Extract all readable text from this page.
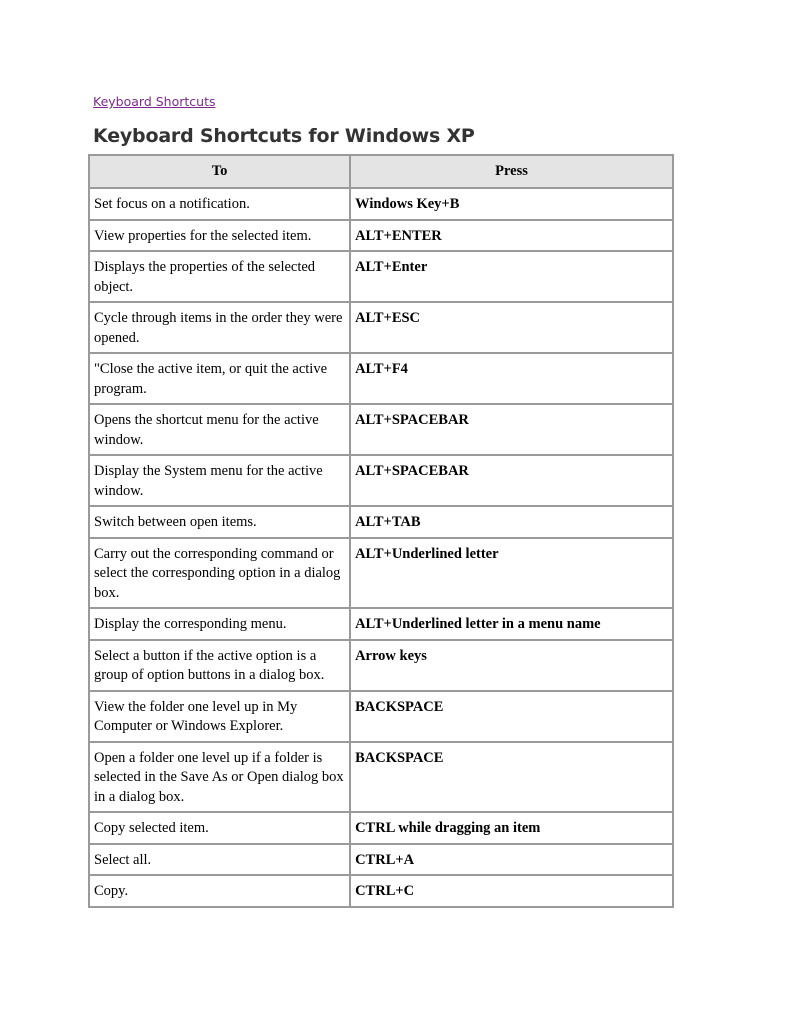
Keyboard Shortcuts
Keyboard Shortcuts for Windows XP
To	Press
Set focus on a notification.	Windows Key+B
View properties for the selected item.	ALT+ENTER
Displays the properties of the selected object.	ALT+Enter
Cycle through items in the order they were opened.	ALT+ESC
"Close the active item, or quit the active program.	ALT+F4
Opens the shortcut menu for the active window.	ALT+SPACEBAR
Display the System menu for the active window.	ALT+SPACEBAR
Switch between open items.	ALT+TAB
Carry out the corresponding command or select the corresponding option in a dialog box.	ALT+Underlined letter
Display the corresponding menu.	ALT+Underlined letter in a menu name
Select a button if the active option is a group of option buttons in a dialog box.	Arrow keys
View the folder one level up in My Computer or Windows Explorer.	BACKSPACE
Open a folder one level up if a folder is selected in the Save As or Open dialog box in a dialog box.	BACKSPACE
Copy selected item.	CTRL while dragging an item
Select all.	CTRL+A
Copy.	CTRL+C
